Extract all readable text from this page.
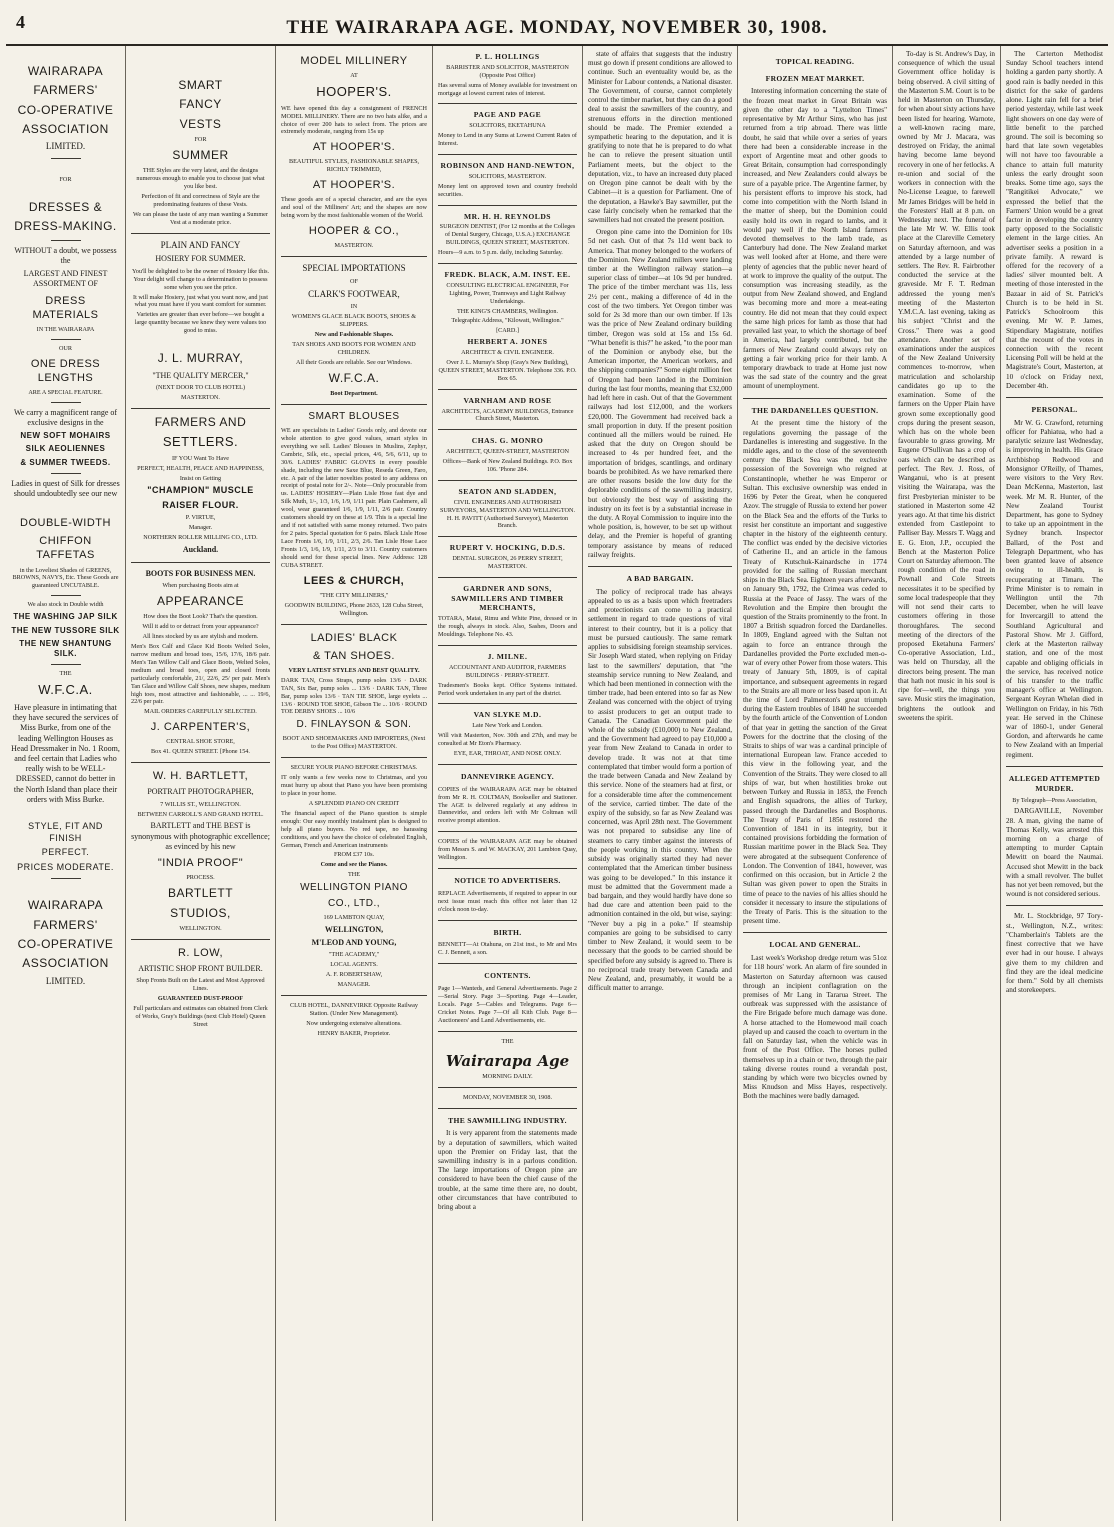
4	THE WAIRARAPA AGE. MONDAY, NOVEMBER 30, 1908.
WAIRARAPA
FARMERS'
CO-OPERATIVE
ASSOCIATION
LIMITED.
FOR
DRESSES &
DRESS-MAKING.
WITHOUT a doubt, we possess the
LARGEST AND FINEST ASSORTMENT OF
DRESS MATERIALS
IN THE WAIRARAPA
OUR
ONE DRESS LENGTHS
ARE A SPECIAL FEATURE.
We carry a magnificent range of exclusive designs in the
NEW SOFT MOHAIRS
SILK AEOLIENNES
& SUMMER TWEEDS.
Ladies in quest of Silk for dresses should undoubtedly see our new
DOUBLE-WIDTH
CHIFFON TAFFETAS
in the Loveliest Shades of GREENS, BROWNS, NAVYS, Etc. These Goods are guaranteed UNCUTABLE.
We also stock in Double width
THE WASHING JAP SILK
THE NEW TUSSORE SILK
THE NEW SHANTUNG SILK.
THE
W.F.C.A.
Have pleasure in intimating that they have secured the services of Miss Burke, from one of the leading Wellington Houses as Head Dressmaker in No. 1 Room, and feel certain that Ladies who really wish to be WELL-DRESSED, cannot do better in the North Island than place their orders with Miss Burke.
STYLE, FIT AND FINISH
PERFECT.
PRICES MODERATE.
WAIRARAPA
FARMERS'
CO-OPERATIVE
ASSOCIATION
LIMITED.
SMART
FANCY
VESTS
FOR
SUMMER
THE Styles are the very latest, and the designs numerous enough to enable you to choose just what you like best.
Perfection of fit and correctness of Style are the predominating features of these Vests.
We can please the taste of any man wanting a Summer Vest at a moderate price.
PLAIN AND FANCY
HOSIERY FOR SUMMER.
You'll be delighted to be the owner of Hosiery like this. Your delight will change to a determination to possess some when you see the price.
It will make Hosiery, just what you want now, and just what you must have if you want comfort for summer.
Varieties are greater than ever before—we bought a large quantity because we knew they were values too good to miss.
J. L. MURRAY,
"THE QUALITY MERCER,"
(NEXT DOOR TO CLUB HOTEL)
MASTERTON.
FARMERS AND
SETTLERS.
IF YOU Want To Have
PERFECT, HEALTH, PEACE AND HAPPINESS,
Insist on Getting
"CHAMPION" MUSCLE
RAISER FLOUR.
P. VIRTUE,
Manager.
NORTHERN ROLLER MILLING CO., LTD.
Auckland.
BOOTS FOR BUSINESS MEN.
When purchasing Boots aim at
APPEARANCE
How does the Boot Look? That's the question.
Will it add to or detract from your appearance?
All lines stocked by us are stylish and modern.
Men's Box Calf and Glace Kid Boots Welted Soles, narrow medium and broad toes, 15/6, 17/6, 18/6 pair. Men's Tan Willow Calf and Glace Boots, Welted Soles, medium and broad toes, open and closed fronts particularly comfortable, 21/, 22/6, 25/ per pair. Men's Tan Glace and Willow Calf Shoes, new shapes, medium high toes, most attractive and fashionable, ... ... 19/6, 22/6 per pair.
MAIL ORDERS CAREFULLY SELECTED.
J. CARPENTER'S,
CENTRAL SHOE STORE,
Box 41. QUEEN STREET. [Phone 154.
W. H. BARTLETT,
PORTRAIT PHOTOGRAPHER,
7 WILLIS ST., WELLINGTON.
BETWEEN CARROLL'S AND GRAND HOTEL.
BARTLETT and THE BEST is synonymous with photographic excellence; as evinced by his new
"INDIA PROOF"
PROCESS.
BARTLETT
STUDIOS,
WELLINGTON.
R. LOW,
ARTISTIC SHOP FRONT BUILDER.
Shop Fronts Built on the Latest and Most Approved Lines.
GUARANTEED DUST-PROOF
Full particulars and estimates can obtained from Clerk of Works, Gray's Buildings (next Club Hotel) Queen Street
MODEL MILLINERY
AT
HOOPER'S.
WE have opened this day a consignment of FRENCH MODEL MILLINERY. There are no two hats alike, and a choice of over 200 hats to select from. The prices are extremely moderate, ranging from 15s up
AT HOOPER'S.
BEAUTIFUL STYLES, FASHIONABLE SHAPES, RICHLY TRIMMED,
AT HOOPER'S.
These goods are of a special character, and are the eyes and soul of the Milliners' Art; and the shapes are now being worn by the most fashionable women of the World.
HOOPER & CO.,
MASTERTON.
SPECIAL IMPORTATIONS
OF
CLARK'S FOOTWEAR,
IN
WOMEN'S GLACE BLACK BOOTS, SHOES & SLIPPERS.
New and Fashionable Shapes.
TAN SHOES AND BOOTS FOR WOMEN AND CHILDREN.
All their Goods are reliable. See our Windows.
W.F.C.A.
Boot Department.
SMART BLOUSES
WE are specialists in Ladies' Goods only, and devote our whole attention to give good values, smart styles in everything we sell. Ladies' Blouses in Muslins, Zephyr, Cambric, Silk, etc., special prices, 4/6, 5/6, 6/11, up to 30/6. LADIES' FABRIC GLOVES in every possible shade, including the new Saxe Blue, Reseda Green, Faro, etc. A pair of the latter novelties posted to any address on receipt of postal note for 2/-. Note—Only procurable from us. LADIES' HOSIERY—Plain Lisle Hose fast dye and Silk Muth, 1/-, 1/3, 1/6, 1/9, 1/11 pair. Plain Cashmere, all wool, wear guaranteed 1/6, 1/9, 1/11, 2/6 pair. Country customers should try on these at 1/9. This is a special line and if not satisfied with same money returned. Two pairs for 2 pairs. Special quotation for 6 pairs. Black Lisle Hose Lace Fronts 1/6, 1/9, 1/11, 2/3, 2/6. Tan Lisle Hose Lace Fronts 1/3, 1/6, 1/9, 1/11, 2/3 to 3/11. Country customers should send for these special lines. New Address: 128 CUBA STREET.
LEES & CHURCH,
"THE CITY MILLINERS,"
GOODWIN BUILDING, Phone 2633, 128 Cuba Street, Wellington.
LADIES' BLACK
& TAN SHOES.
VERY LATEST STYLES AND BEST QUALITY.
DARK TAN, Cross Straps, pump soles 13/6 · DARK TAN, Six Bar, pump soles ... 13/6 · DARK TAN, Three Bar, pump soles 13/6 · TAN TIE SHOE, large eyelets ... 13/6 · ROUND TOE SHOE, Gibson Tie ... 10/6 · ROUND TOE DERBY SHOES ... 10/6
D. FINLAYSON & SON.
BOOT AND SHOEMAKERS AND IMPORTERS, (Next to the Post Office) MASTERTON.
SECURE YOUR PIANO BEFORE CHRISTMAS.
IT only wants a few weeks now to Christmas, and you must hurry up about that Piano you have been promising to place in your home.
A SPLENDID PIANO ON CREDIT
The financial aspect of the Piano question is simple enough: Our easy monthly instalment plan is designed to help all piano buyers. No red tape, no harassing conditions, and you have the choice of celebrated English, German, French and American instruments
FROM £37 10s.
Come and see the Pianos.
THE
WELLINGTON PIANO
CO., LTD.,
169 LAMBTON QUAY,
WELLINGTON,
M'LEOD AND YOUNG,
"THE ACADEMY,"
LOCAL AGENTS.
A. F. ROBERTSHAW,
MANAGER.
CLUB HOTEL, DANNEVIRKE Opposite Railway Station. (Under New Management).
Now undergoing extensive alterations.
HENRY BAKER, Proprietor.
P. L. HOLLINGS
BARRISTER AND SOLICITOR, MASTERTON (Opposite Post Office)
Has several sums of Money available for investment on mortgage at lowest current rates of interest.
PAGE AND PAGE
SOLICITORS, EKETAHUNA
Money to Lend in any Sums at Lowest Current Rates of Interest.
ROBINSON AND HAND-NEWTON,
SOLICITORS, MASTERTON.
Money lent on approved town and country freehold securities.
MR. H. H. REYNOLDS
SURGEON DENTIST, (For 12 months at the Colleges of Dental Surgery, Chicago, U.S.A.) EXCHANGE BUILDINGS, QUEEN STREET, MASTERTON.
Hours—9 a.m. to 5 p.m. daily, including Saturday.
FREDK. BLACK, A.M. INST. EE.
CONSULTING ELECTRICAL ENGINEER, For Lighting, Power, Tramways and Light Railway Undertakings.
THE KING'S CHAMBERS, Wellington.
Telegraphic Address, "Kilowatt, Wellington."
[CARD.]
HERBERT A. JONES
ARCHITECT & CIVIL ENGINEER.
Over J. L. Murray's Shop (Gray's New Building), QUEEN STREET, MASTERTON. Telephone 336. P.O. Box 65.
VARNHAM AND ROSE
ARCHITECTS, ACADEMY BUILDINGS, Entrance Church Street, Masterton.
CHAS. G. MONRO
ARCHITECT, QUEEN-STREET, MASTERTON
Offices—Bank of New Zealand Buildings. P.O. Box 106. 'Phone 284.
SEATON AND SLADDEN,
CIVIL ENGINEERS AND AUTHORISED SURVEYORS, MASTERTON AND WELLINGTON. H. H. PAVITT (Authorised Surveyor), Masterton Branch.
RUPERT V. HOCKING, D.D.S.
DENTAL SURGEON, 26 PERRY STREET, MASTERTON.
GARDNER AND SONS, SAWMILLERS AND TIMBER MERCHANTS,
TOTARA, Matai, Rimu and White Pine, dressed or in the rough, always in stock. Also, Sashes, Doors and Mouldings. Telephone No. 43.
J. MILNE.
ACCOUNTANT AND AUDITOR, FARMERS BUILDINGS · PERRY-STREET.
Tradesmen's Books kept. Office Systems initiated. Period work undertaken in any part of the district.
VAN SLYKE M.D.
Late New York and London.
Will visit Masterton, Nov. 30th and 27th, and may be consulted at Mr Eton's Pharmacy.
EYE, EAR, THROAT, AND NOSE ONLY.
DANNEVIRKE AGENCY.
COPIES of the WAIRARAPA AGE may be obtained from Mr R. H. COLTMAN, Bookseller and Stationer. The AGE is delivered regularly at any address in Dannevirke, and orders left with Mr Coltman will receive prompt attention.
COPIES of the WAIRARAPA AGE may be obtained from Messrs S. and W. MACKAY, 201 Lambton Quay, Wellington.
NOTICE TO ADVERTISERS.
REPLACE Advertisements, if required to appear in our next issue must reach this office not later than 12 o'clock noon to-day.
BIRTH.
BENNETT—At Otahuna, on 21st inst., to Mr and Mrs C. J. Bennett, a son.
CONTENTS.
Page 1—Wanteds, and General Advertisements. Page 2—Serial Story. Page 3—Sporting. Page 4—Leader, Locals. Page 5—Cables and Telegrams. Page 6—Cricket Notes. Page 7—Of all Kith Club. Page 8—Auctioneers' and Land Advertisements, etc.
THE
Wairarapa Age
MORNING DAILY.
MONDAY, NOVEMBER 30, 1908.
THE SAWMILLING INDUSTRY.

It is very apparent from the statements made by a deputation of sawmillers, which waited upon the Premier on Friday last, that the sawmilling industry is in a parlous condition. The large importations of Oregon pine are considered to have been the chief cause of the trouble, at the same time there are, no doubt, other circumstances that have contributed to bring about a

state of affairs that suggests that the industry must go down if present conditions are allowed to continue. Such an eventuality would be, as the Minister for Labour contends, a National disaster. The Government, of course, cannot completely control the timber market, but they can do a good deal to assist the sawmillers of the country, and strenuous efforts in the direction mentioned should be made. The Premier extended a sympathetic hearing to the deputation, and it is gratifying to note that he is prepared to do what he can to relieve the present situation until Parliament meets, but the object to the deputation, viz., to have an increased duty placed on Oregon pine cannot be dealt with by the Cabinet—it is a question for Parliament. One of the deputation, a Hawke's Bay sawmiller, put the case fairly concisely when he remarked that the sawmillers had not created the present position.

Oregon pine came into the Dominion for 10s 5d net cash. Out of that 7s 11d went back to America. That money belonged to the workers of the Dominion. New Zealand millers were landing timber at the Wellington railway station—a superior class of timber—at 10s 9d per hundred. The price of the timber merchant was 11s, less 2½ per cent., making a difference of 4d in the cost of the two timbers. Yet Oregon timber was sold for 2s 3d more than our own timber. If 13s was the price of New Zealand ordinary building timber, Oregon was sold at 15s and 15s 6d. "What benefit is this?" he asked, "to the poor man of the Dominion or anybody else, but the American importer, the American workers, and the shipping companies?" Some eight million feet of Oregon had been landed in the Dominion during the last four months, meaning that £32,000 had left here in cash. Out of that the Government railways had lost £12,000, and the workers £20,000. The Government had received back a small proportion in duty. If the present position continued all the millers would be ruined. He asked that the duty on Oregon should be increased to 4s per hundred feet, and the importation of bridges, scantlings, and ordinary boards be prohibited. As we have remarked there are other reasons beside the low duty for the deplorable conditions of the sawmilling industry, but obviously the best way of assisting the industry on its feet is by a substantial increase in the duty. A Royal Commission to inquire into the whole position, is, however, to be set up without delay, and the Premier is hopeful of granting temporary assistance by means of reduced railway freights.

A BAD BARGAIN.

The policy of reciprocal trade has always appealed to us as a basis upon which freetraders and protectionists can come to a practical settlement in regard to trade questions of vital interest to their country, but it is a policy that must be pursued cautiously. The same remark applies to subsidising foreign steamship services. Sir Joseph Ward stated, when replying on Friday last to the sawmillers' deputation, that "the steamship service running to New Zealand, and which had been mentioned in connection with the timber trade, had been entered into so far as New Zealand was concerned with the object of trying to assist producers to get an output trade to Canada. The Canadian Government paid the whole of the subsidy (£10,000) to New Zealand, and the Government had agreed to pay £10,000 a year from New Zealand to Canada in order to develop trade. It was not at that time contemplated that timber would form a portion of the trade between Canada and New Zealand by this service. None of the steamers had at first, or for a considerable time after the commencement of the service, carried timber. The date of the expiry of the subsidy, so far as New Zealand was concerned, was April 28th next. The Government was not prepared to subsidise any line of steamers to carry timber against the interests of the people working in this country. When the subsidy was originally started they had never contemplated that the American timber business was going to be developed." In this instance it must be admitted that the Government made a bad bargain, and they would hardly have done so had due care and attention been paid to the admonition contained in the old, but wise, saying: "Never buy a pig in a poke." If steamship companies are going to be subsidised to carry timber to New Zealand, it would seem to be necessary that the goods to be carried should be specified before any subsidy is agreed to. There is no reciprocal trade treaty between Canada and New Zealand, and, presumably, it would be a difficult matter to arrange.

TOPICAL READING.
FROZEN MEAT MARKET.

Interesting information concerning the state of the frozen meat market in Great Britain was given the other day to a "Lyttelton Times" representative by Mr Arthur Sims, who has just returned from a trip abroad. There was little doubt, he said that while over a series of years there had been a considerable increase in the export of Argentine meat and other goods to Great Britain, consumption had correspondingly increased, and New Zealanders could always be sure of a payable price. The Argentine farmer, by his persistent efforts to improve his stock, had come into competition with the North Island in the matter of sheep, but the Dominion could easily hold its own in regard to lambs, and it would pay well if the North Island farmers devoted themselves to the lamb trade, as Canterbury had done. The New Zealand market was well looked after at Home, and there were plenty of agencies that the public never heard of at work to improve the quality of the output. The consumption was increasing steadily, as the output from New Zealand showed, and England was becoming more and more a meat-eating country. He did not mean that they could expect the same high prices for lamb as those that had prevailed last year, to which the shortage of beef in America, had largely contributed, but the farmers of New Zealand could always rely on getting a fair working price for their lamb. A temporary drawback to trade at Home just now was the sad state of the country and the great amount of unemployment.

THE DARDANELLES QUESTION.

At the present time the history of the regulations governing the passage of the Dardanelles is interesting and suggestive. In the middle ages, and to the close of the seventeenth century the Black Sea was the exclusive possession of the Sovereign who reigned at Constantinople, whether he was Emperor or Sultan. This exclusive ownership was ended in 1696 by Peter the Great, when he conquered Azov. The struggle of Russia to extend her power on the Black Sea and the efforts of the Turks to resist her constitute an important and suggestive chapter in the history of the eighteenth century. The conflict was ended by the decisive victories of Catherine II., and an article in the famous Treaty of Kutschuk-Kainardsche in 1774 provided for the sailing of Russian merchant ships in the Black Sea. Eighteen years afterwards, on January 9th, 1792, the Crimea was ceded to Russia at the Peace of Jassy. The wars of the Revolution and the Empire then brought the question of the Straits prominently to the front. In 1807 a British squadron forced the Dardanelles. In 1809, England agreed with the Sultan not again to force an entrance through the Dardanelles provided the Porte excluded men-o-war of every other Power from those waters. This treaty of January 5th, 1809, is of capital importance, and subsequent agreements in regard to the Straits are all more or less based upon it. At the time of Lord Palmerston's great triumph during the Eastern troubles of 1840 he succeeded by the fourth article of the Convention of London of that year in getting the sanction of the Great Powers for the doctrine that the closing of the Straits to ships of war was a cardinal principle of international European law. France acceded to this view in the following year, and the Convention of the Straits. They were closed to all ships of war, but when hostilities broke out between Turkey and Russia in 1853, the French and English squadrons, the allies of Turkey, passed through the Dardanelles and Bosphorus. The Treaty of Paris of 1856 restored the Convention of 1841 in its integrity, but it contained provisions forbidding the formation of Russian maritime power in the Black Sea. They were abrogated at the subsequent Conference of London. The Convention of 1841, however, was confirmed on this occasion, but in Article 2 the Sultan was given power to open the Straits in time of peace to the navies of his allies should he consider it necessary to insure the stipulations of the Treaty of Paris. This is the situation to the present time.

LOCAL AND GENERAL.

Last week's Workshop dredge return was 51oz for 118 hours' work. An alarm of fire sounded in Masterton on Saturday afternoon was caused through an incipient conflagration on the premises of Mr Lang in Tararua Street. The outbreak was suppressed with the assistance of the Fire Brigade before much damage was done. A horse attached to the Homewood mail coach played up and caused the coach to overturn in the fall on Saturday last, when the vehicle was in front of the Post Office. The horses pulled themselves up in a chain or two, through the pair taking diverse routes round a verandah post, standing by which were two bicycles owned by Miss Knudson and Miss Hayes, respectively. Both the machines were badly damaged.

To-day is St. Andrew's Day, in consequence of which the usual Government office holiday is being observed. A civil sitting of the Masterton S.M. Court is to be held in Masterton on Thursday, for when about sixty actions have been listed for hearing. Warnote, a well-known racing mare, owned by Mr J. Macara, was destroyed on Friday, the animal having become lame beyond recovery in one of her fetlocks. A re-union and social of the workers in connection with the No-License League, to farewell Mr James Bridges will be held in the Foresters' Hall at 8 p.m. on Wednesday next. The funeral of the late Mr W. W. Ellis took place at the Clareville Cemetery on Saturday afternoon, and was attended by a large number of settlers. The Rev. R. Fairbrother conducted the service at the graveside. Mr F. T. Redman addressed the young men's meeting of the Masterton Y.M.C.A. last evening, taking as his subject "Christ and the Cross." There was a good attendance. Another set of examinations under the auspices of the New Zealand University commences to-morrow, when matriculation and scholarship candidates go up to the examination. Some of the farmers on the Upper Plain have grown some exceptionally good crops during the present season, which has on the whole been favourable to grass growing. Mr Eugene O'Sullivan has a crop of oats which can be described as perfect. The Rev. J. Ross, of Wanganui, who is at present visiting the Wairarapa, was the first Presbyterian minister to be stationed in Masterton some 42 years ago. At that time his district extended from Castlepoint to Palliser Bay. Messrs T. Wagg and E. G. Eton, J.P., occupied the Bench at the Masterton Police Court on Saturday afternoon. The rough condition of the road in Pownall and Cole Streets necessitates it to be specified by some local tradespeople that they will not send their carts to customers offering in those thoroughfares. The second meeting of the directors of the proposed Eketahuna Farmers' Co-operative Association, Ltd., was held on Thursday, all the directors being present. The man that hath not music in his soul is ripe for—well, the things you save. Music stirs the imagination, brightens the outlook and sweetens the spirit.

The Carterton Methodist Sunday School teachers intend holding a garden party shortly. A good rain is badly needed in this district for the sake of gardens alone. Light rain fell for a brief period yesterday, while last week light showers on one day were of little benefit to the parched ground. The soil is becoming so hard that late sown vegetables will not have too favourable a chance to attain full maturity unless the early drought soon breaks. Some time ago, says the "Rangitikei Advocate," we expressed the belief that the Farmers' Union would be a great factor in developing the country party opposed to the Socialistic element in the large cities. An advertiser seeks a position in a private family. A reward is offered for the recovery of a ladies' silver mounted belt. A meeting of those interested in the Bazaar in aid of St. Patrick's Church is to be held in St. Patrick's Schoolroom this evening. Mr W. P. James, Stipendiary Magistrate, notifies that the recount of the votes in connection with the recent Licensing Poll will be held at the Magistrate's Court, Masterton, at 10 o'clock on Friday next, December 4th.

PERSONAL.

Mr W. G. Crawford, returning officer for Pahiatua, who had a paralytic seizure last Wednesday, is improving in health. His Grace Archbishop Redwood and Monsignor O'Reilly, of Thames, were visitors to the Very Rev. Dean McKenna, Masterton, last week. Mr M. R. Hunter, of the New Zealand Tourist Department, has gone to Sydney to take up an appointment in the Sydney branch. Inspector Ballard, of the Post and Telegraph Department, who has been granted leave of absence owing to ill-health, is recuperating at Timaru. The Prime Minister is to remain in Wellington until the 7th December, when he will leave for Invercargill to attend the Southland Agricultural and Pastoral Show. Mr J. Gifford, clerk at the Masterton railway station, and one of the most capable and obliging officials in the service, has received notice of his transfer to the traffic manager's office at Wellington. Sergeant Keyran Whelan died in Wellington on Friday, in his 76th year. He served in the Chinese war of 1860-1, under General Gordon, and afterwards he came to New Zealand with an Imperial regiment.

ALLEGED ATTEMPTED MURDER.
By Telegraph—Press Association,

DARGAVILLE, November 28. A man, giving the name of Thomas Kelly, was arrested this morning on a charge of attempting to murder Captain Mewitt on board the Naumai. Accused shot Mewitt in the back with a small revolver. The bullet has not yet been removed, but the wound is not considered serious.

Mr. L. Stockbridge, 97 Tory-st., Wellington, N.Z., writes: "Chamberlain's Tablets are the finest corrective that we have ever had in our house. I always give them to my children and find they are the ideal medicine for them." Sold by all chemists and storekeepers.
